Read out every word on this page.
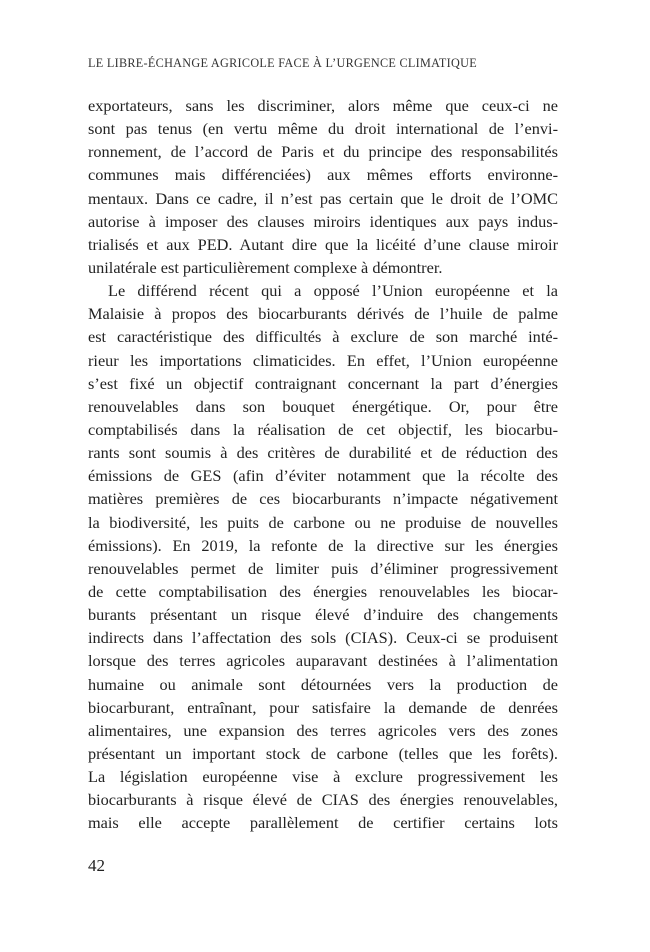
LE LIBRE-ÉCHANGE AGRICOLE FACE À L’URGENCE CLIMATIQUE
exportateurs, sans les discriminer, alors même que ceux-ci ne
sont pas tenus (en vertu même du droit international de l’envi-
ronnement, de l’accord de Paris et du principe des responsabilités
communes mais différenciées) aux mêmes efforts environne-
mentaux. Dans ce cadre, il n’est pas certain que le droit de l’OMC
autorise à imposer des clauses miroirs identiques aux pays indus-
trialisés et aux PED. Autant dire que la licéité d’une clause miroir
unilatérale est particulièrement complexe à démontrer.
Le différend récent qui a opposé l’Union européenne et la
Malaisie à propos des biocarburants dérivés de l’huile de palme
est caractéristique des difficultés à exclure de son marché inté-
rieur les importations climaticides. En effet, l’Union européenne
s’est fixé un objectif contraignant concernant la part d’énergies
renouvelables dans son bouquet énergétique. Or, pour être
comptabilisés dans la réalisation de cet objectif, les biocarbu-
rants sont soumis à des critères de durabilité et de réduction des
émissions de GES (afin d’éviter notamment que la récolte des
matières premières de ces biocarburants n’impacte négativement
la biodiversité, les puits de carbone ou ne produise de nouvelles
émissions). En 2019, la refonte de la directive sur les énergies
renouvelables permet de limiter puis d’éliminer progressivement
de cette comptabilisation des énergies renouvelables les biocar-
burants présentant un risque élevé d’induire des changements
indirects dans l’affectation des sols (CIAS). Ceux-ci se produisent
lorsque des terres agricoles auparavant destinées à l’alimentation
humaine ou animale sont détournées vers la production de
biocarburant, entraînant, pour satisfaire la demande de denrées
alimentaires, une expansion des terres agricoles vers des zones
présentant un important stock de carbone (telles que les forêts).
La législation européenne vise à exclure progressivement les
biocarburants à risque élevé de CIAS des énergies renouvelables,
mais elle accepte parallèlement de certifier certains lots
42
